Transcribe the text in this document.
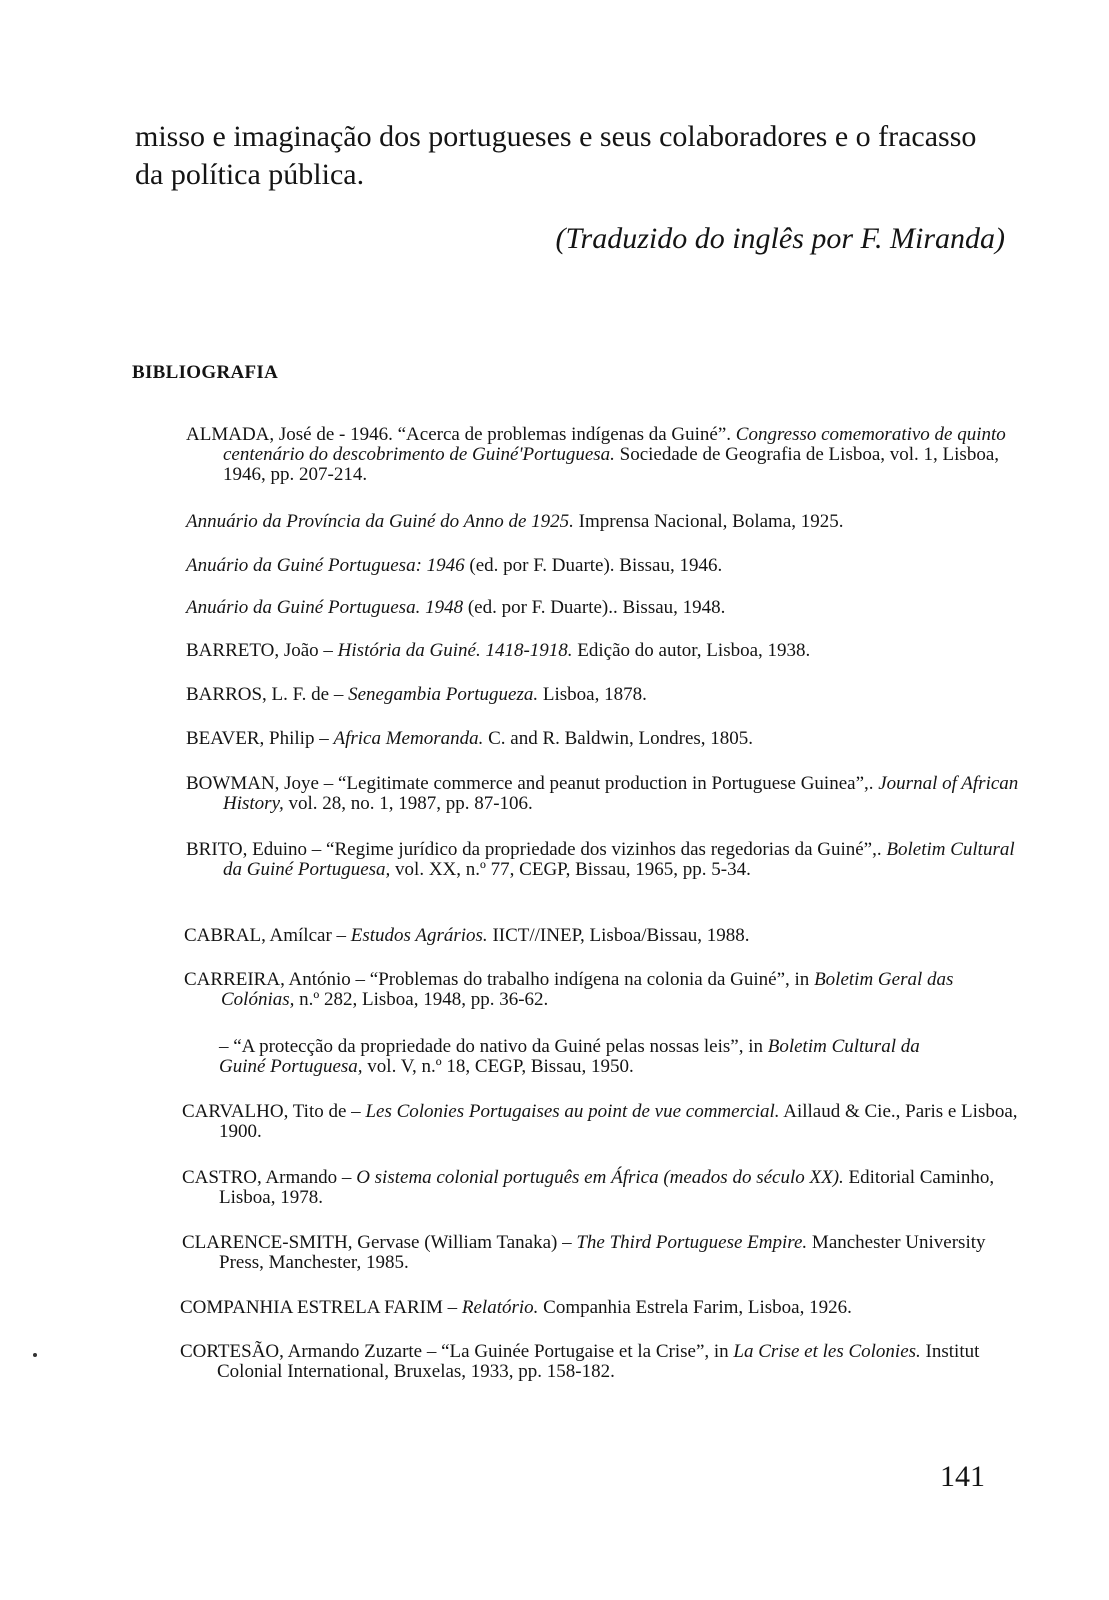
misso e imaginação dos portugueses e seus colaboradores e o fracasso da política pública.

(Traduzido do inglês por F. Miranda)

BIBLIOGRAFIA

ALMADA, José de - 1946. “Acerca de problemas indígenas da Guiné”. Congresso comemorativo de quinto centenário do descobrimento de Guiné'Portuguesa. Sociedade de Geografia de Lisboa, vol. 1, Lisboa, 1946, pp. 207-214.

Annuário da Província da Guiné do Anno de 1925. Imprensa Nacional, Bolama, 1925.

Anuário da Guiné Portuguesa: 1946 (ed. por F. Duarte). Bissau, 1946.

Anuário da Guiné Portuguesa. 1948 (ed. por F. Duarte).. Bissau, 1948.

BARRETO, João – História da Guiné. 1418-1918. Edição do autor, Lisboa, 1938.

BARROS, L. F. de – Senegambia Portugueza. Lisboa, 1878.

BEAVER, Philip – Africa Memoranda. C. and R. Baldwin, Londres, 1805.

BOWMAN, Joye – “Legitimate commerce and peanut production in Portuguese Guinea”,. Journal of African History, vol. 28, no. 1, 1987, pp. 87-106.

BRITO, Eduino – “Regime jurídico da propriedade dos vizinhos das regedorias da Guiné”,. Boletim Cultural da Guiné Portuguesa, vol. XX, n.º 77, CEGP, Bissau, 1965, pp. 5-34.

CABRAL, Amílcar – Estudos Agrários. IICT//INEP, Lisboa/Bissau, 1988.

CARREIRA, António – “Problemas do trabalho indígena na colonia da Guiné”, in Boletim Geral das Colónias, n.º 282, Lisboa, 1948, pp. 36-62.

– “A protecção da propriedade do nativo da Guiné pelas nossas leis”, in Boletim Cultural da Guiné Portuguesa, vol. V, n.º 18, CEGP, Bissau, 1950.

CARVALHO, Tito de – Les Colonies Portugaises au point de vue commercial. Aillaud & Cie., Paris e Lisboa, 1900.

CASTRO, Armando – O sistema colonial português em África (meados do século XX). Editorial Caminho, Lisboa, 1978.

CLARENCE-SMITH, Gervase (William Tanaka) – The Third Portuguese Empire. Manchester University Press, Manchester, 1985.

COMPANHIA ESTRELA FARIM – Relatório. Companhia Estrela Farim, Lisboa, 1926.

CORTESÃO, Armando Zuzarte – “La Guinée Portugaise et la Crise”, in La Crise et les Colonies. Institut Colonial International, Bruxelas, 1933, pp. 158-182.

141
